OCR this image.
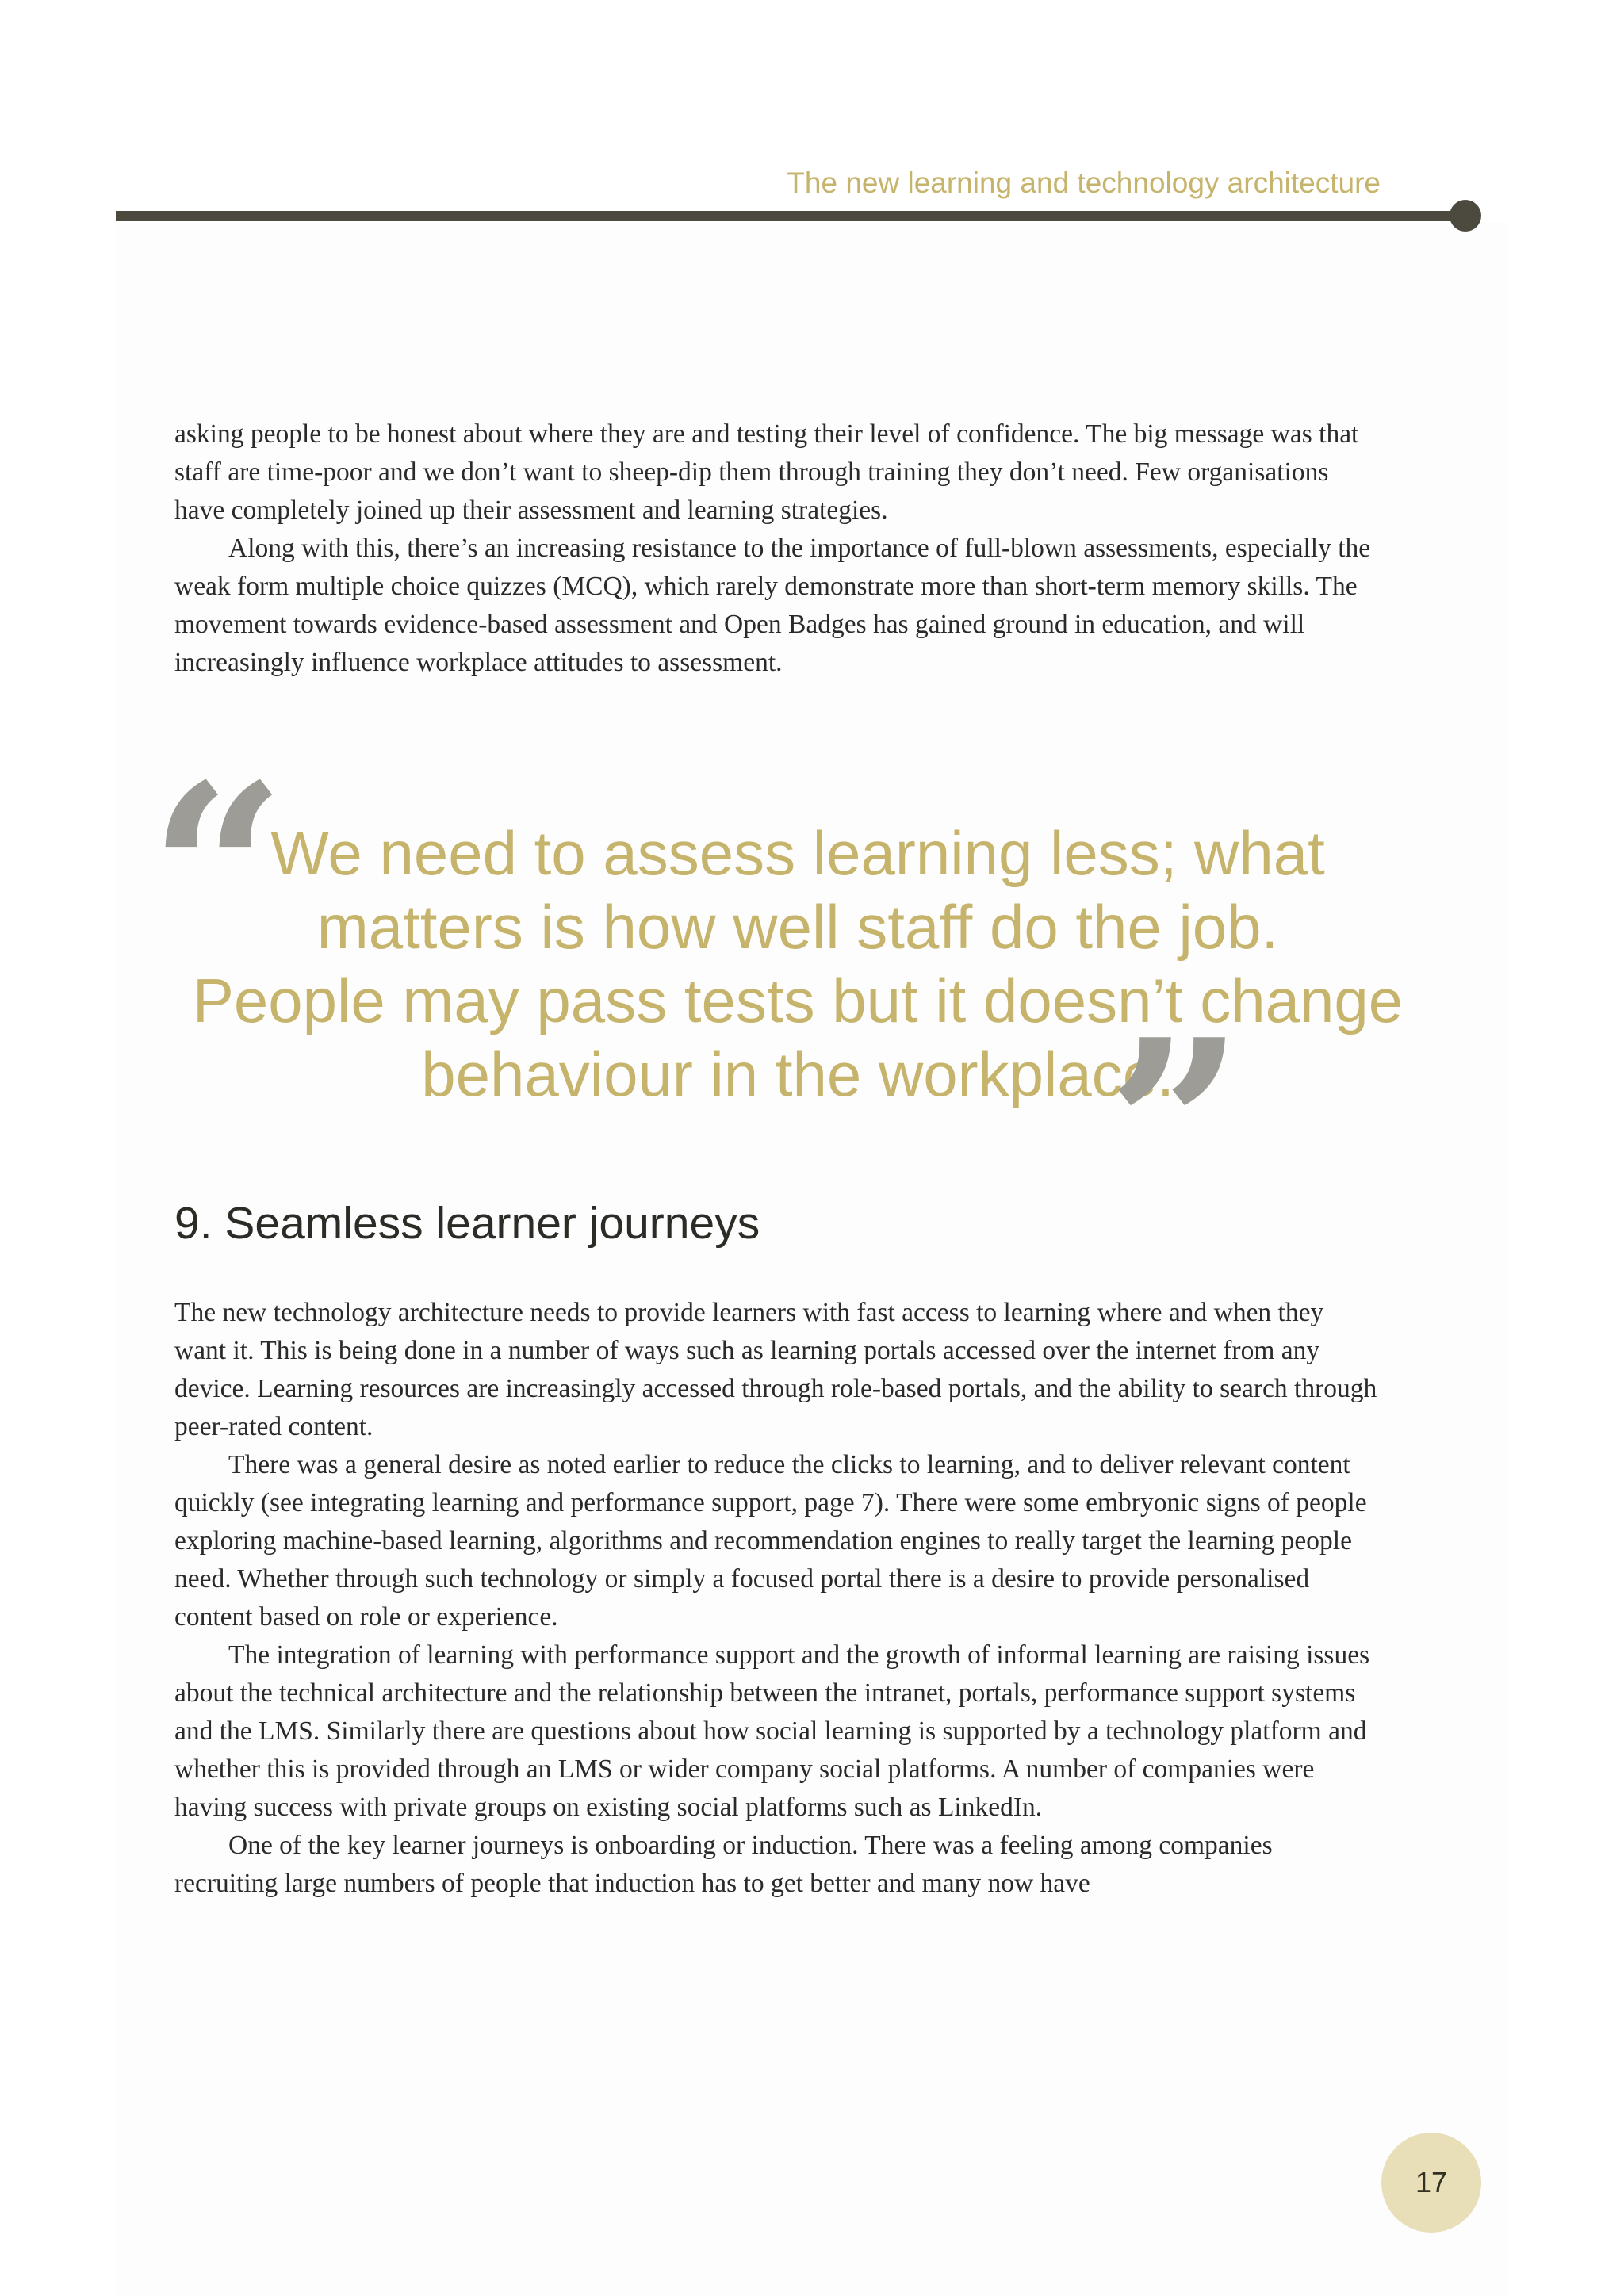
The new learning and technology architecture

asking people to be honest about where they are and testing their level of confidence. The big message was that staff are time-poor and we don’t want to sheep-dip them through training they don’t need. Few organisations have completely joined up their assessment and learning strategies.

Along with this, there’s an increasing resistance to the importance of full-blown assessments, especially the weak form multiple choice quizzes (MCQ), which rarely demonstrate more than short-term memory skills. The movement towards evidence-based assessment and Open Badges has gained ground in education, and will increasingly influence workplace attitudes to assessment.

“

We need to assess learning less; what

matters is how well staff do the job.

People may pass tests but it doesn’t change

behaviour in the workplace.

”
9. Seamless learner journeys

The new technology architecture needs to provide learners with fast access to learning where and when they want it. This is being done in a number of ways such as learning portals accessed over the internet from any device. Learning resources are increasingly accessed through role-based portals, and the ability to search through peer-rated content.

There was a general desire as noted earlier to reduce the clicks to learning, and to deliver relevant content quickly (see integrating learning and performance support, page 7). There were some embryonic signs of people exploring machine-based learning, algorithms and recommendation engines to really target the learning people need. Whether through such technology or simply a focused portal there is a desire to provide personalised content based on role or experience.

The integration of learning with performance support and the growth of informal learning are raising issues about the technical architecture and the relationship between the intranet, portals, performance support systems and the LMS. Similarly there are questions about how social learning is supported by a technology platform and whether this is provided through an LMS or wider company social platforms. A number of companies were having success with private groups on existing social platforms such as LinkedIn.

One of the key learner journeys is onboarding or induction. There was a feeling among companies recruiting large numbers of people that induction has to get better and many now have

17
